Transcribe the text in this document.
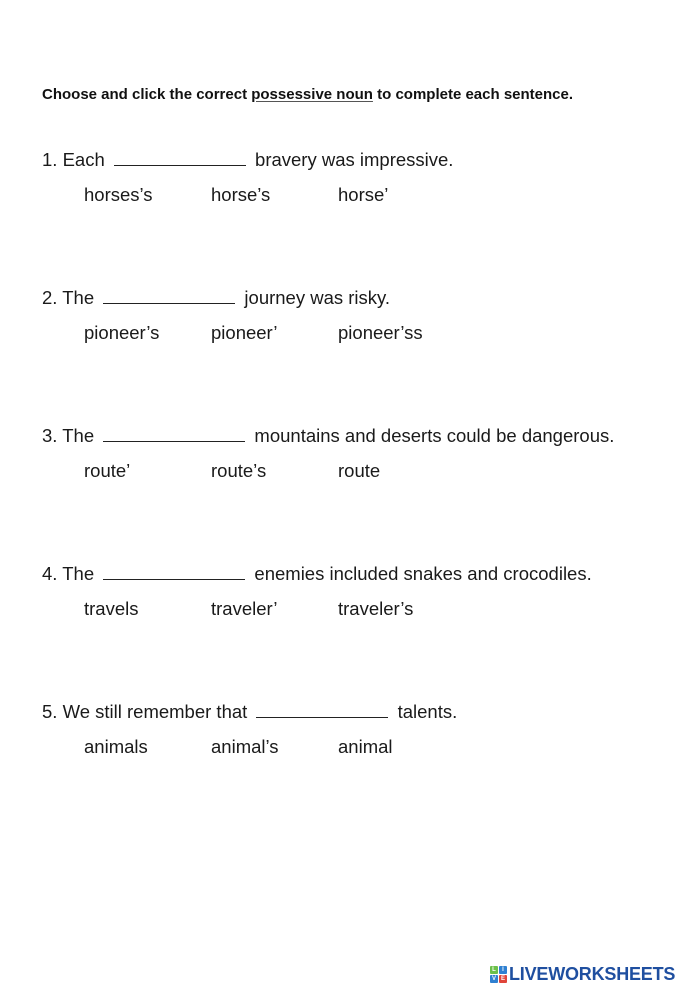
Choose and click the correct possessive noun to complete each sentence.
1. Each	bravery was impressive.
horses’s	horse’s	horse’
2. The	journey was risky.
pioneer’s	pioneer’	pioneer’ss
3. The	mountains and deserts could be dangerous.
route’	route’s	route
4. The	enemies included snakes and crocodiles.
travels	traveler’	traveler’s
5. We still remember that	talents.
animals	animal’s	animal
L	I
V E LIVEWORKSHEETS
